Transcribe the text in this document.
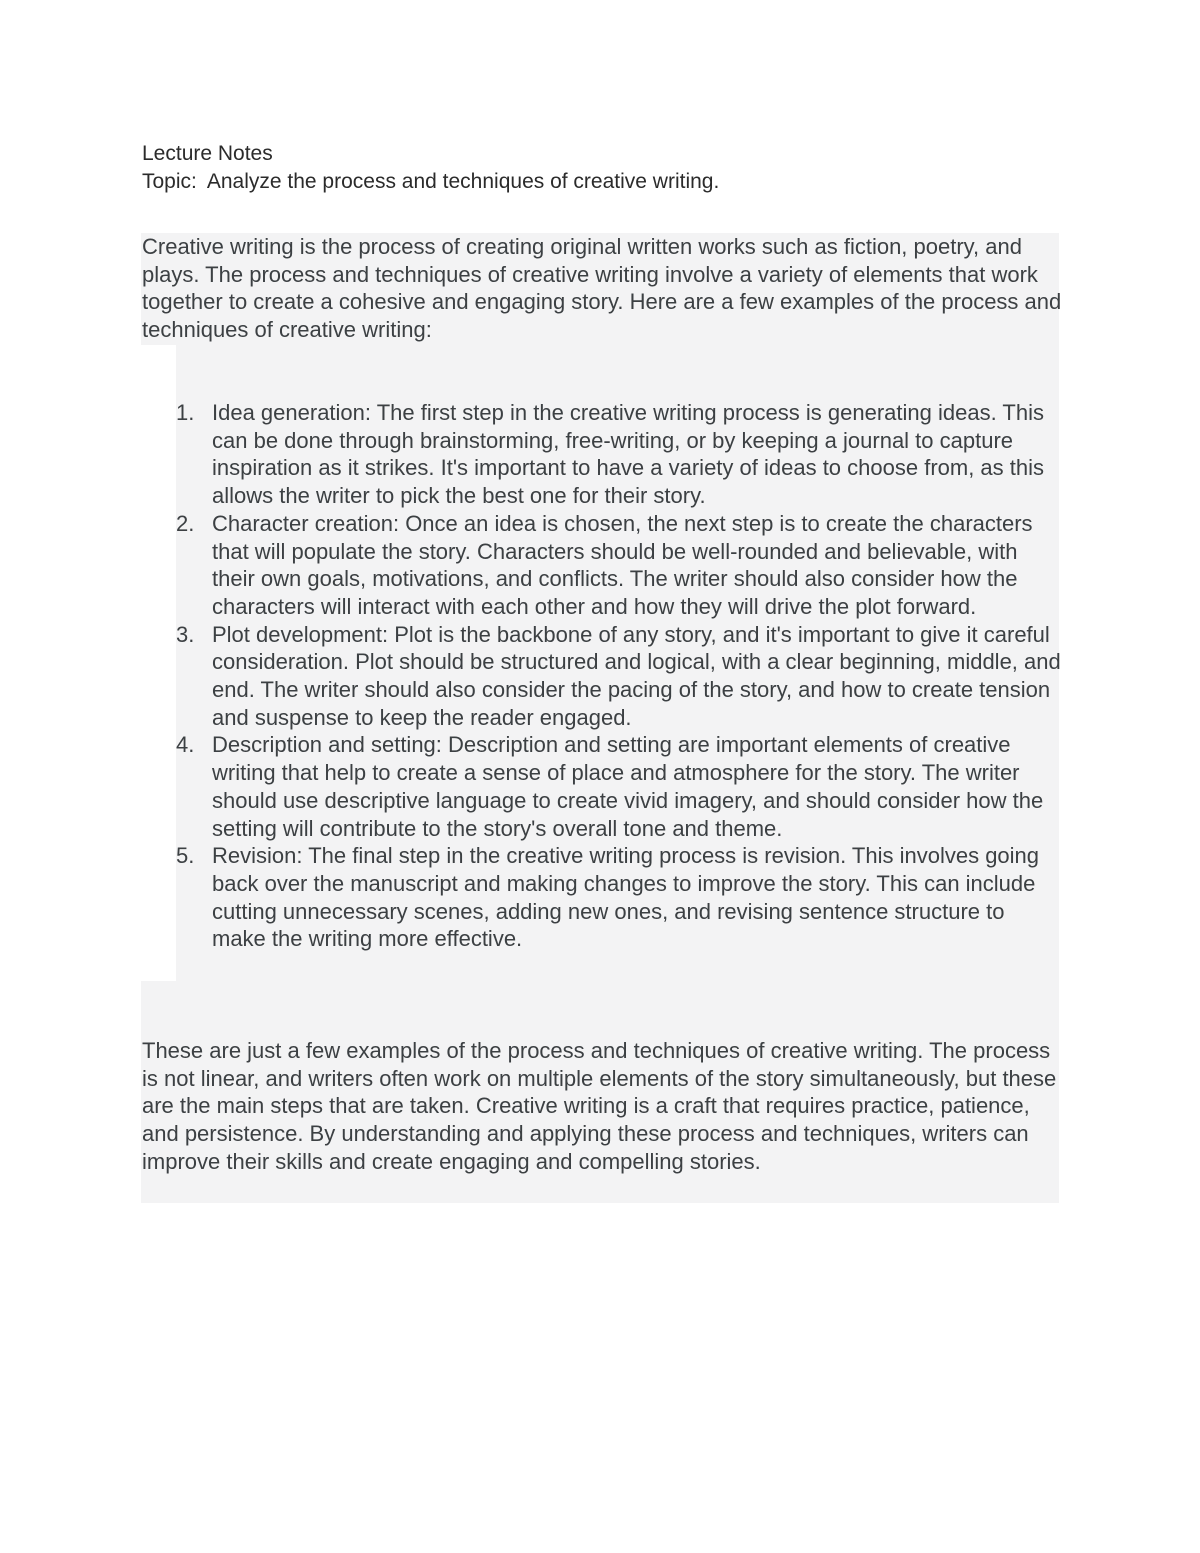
Lecture Notes
Topic: Analyze the process and techniques of creative writing.

Creative writing is the process of creating original written works such as fiction, poetry, and plays. The process and techniques of creative writing involve a variety of elements that work together to create a cohesive and engaging story. Here are a few examples of the process and techniques of creative writing:

1. Idea generation: The first step in the creative writing process is generating ideas. This can be done through brainstorming, free-writing, or by keeping a journal to capture inspiration as it strikes. It's important to have a variety of ideas to choose from, as this allows the writer to pick the best one for their story.
2. Character creation: Once an idea is chosen, the next step is to create the characters that will populate the story. Characters should be well-rounded and believable, with their own goals, motivations, and conflicts. The writer should also consider how the characters will interact with each other and how they will drive the plot forward.
3. Plot development: Plot is the backbone of any story, and it's important to give it careful consideration. Plot should be structured and logical, with a clear beginning, middle, and end. The writer should also consider the pacing of the story, and how to create tension and suspense to keep the reader engaged.
4. Description and setting: Description and setting are important elements of creative writing that help to create a sense of place and atmosphere for the story. The writer should use descriptive language to create vivid imagery, and should consider how the setting will contribute to the story's overall tone and theme.
5. Revision: The final step in the creative writing process is revision. This involves going back over the manuscript and making changes to improve the story. This can include cutting unnecessary scenes, adding new ones, and revising sentence structure to make the writing more effective.

These are just a few examples of the process and techniques of creative writing. The process is not linear, and writers often work on multiple elements of the story simultaneously, but these are the main steps that are taken. Creative writing is a craft that requires practice, patience, and persistence. By understanding and applying these process and techniques, writers can improve their skills and create engaging and compelling stories.
